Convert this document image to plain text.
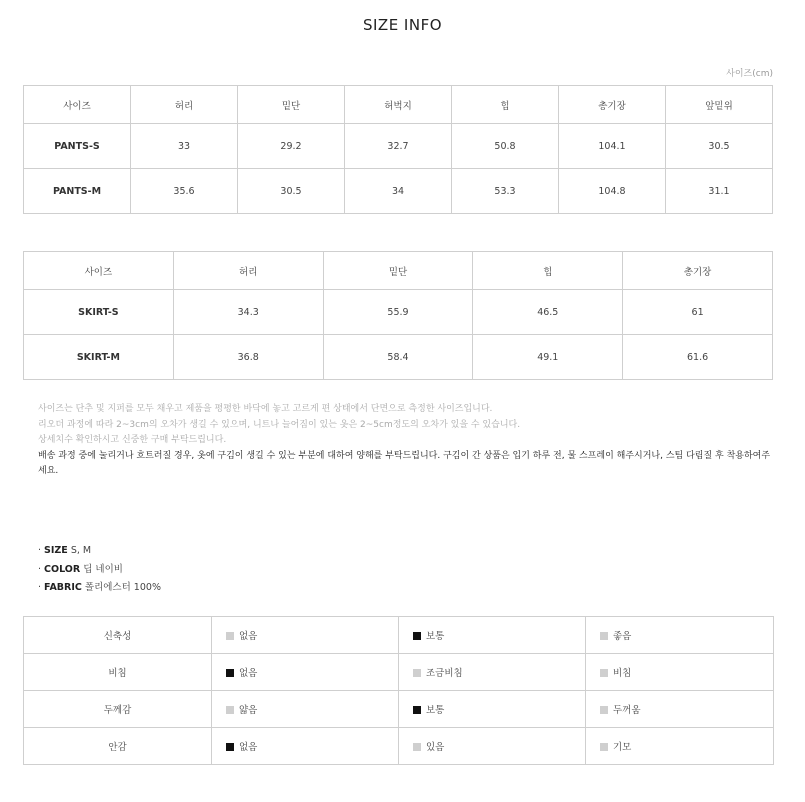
SIZE INFO
사이즈(cm)
사이즈	허리	밑단	허벅지	힙	총기장	앞밑위
PANTS-S	33	29.2	32.7	50.8	104.1	30.5
PANTS-M	35.6	30.5	34	53.3	104.8	31.1
사이즈	허리	밑단	힙	총기장
SKIRT-S	34.3	55.9	46.5	61
SKIRT-M	36.8	58.4	49.1	61.6
사이즈는 단추 및 지퍼를 모두 채우고 제품을 평평한 바닥에 놓고 고르게 편 상태에서 단면으로 측정한 사이즈입니다.
리오더 과정에 따라 2~3cm의 오차가 생길 수 있으며, 니트나 늘어짐이 있는 옷은 2~5cm정도의 오차가 있을 수 있습니다.
상세치수 확인하시고 신중한 구매 부탁드립니다.
배송 과정 중에 눌리거나 흐트러질 경우, 옷에 구김이 생길 수 있는 부분에 대하여 양해를 부탁드립니다. 구김이 간 상품은 입기 하루 전, 물 스프레이 해주시거나, 스팀 다림질 후 착용하여주세요.
· SIZE S, M
· COLOR 딥 네이비
· FABRIC 폴리에스터 100%
신축성	없음	보통	좋음
비침	없음	조금비침	비침
두께감	얇음	보통	두꺼움
안감	없음	있음	기모
